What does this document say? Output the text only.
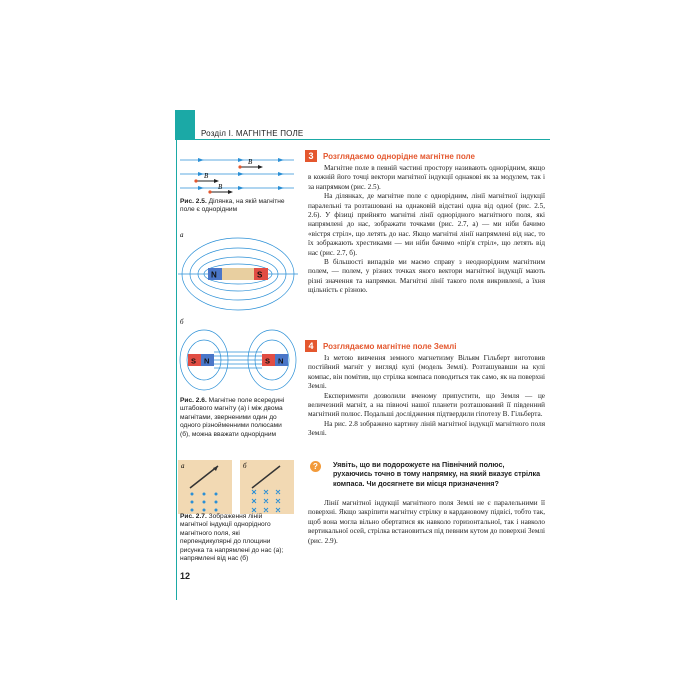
Розділ І. МАГНІТНЕ ПОЛЕ
B
B
B
Рис. 2.5. Ділянка, на якій магнітне поле є однорідним
а
N	S
б
S N	S N
Рис. 2.6. Магнітне поле всередині штабового магніту (а) і між двома магнітами, зверненими один до одного різнойменними полюсами (б), можна вважати однорідним
а	б
Рис. 2.7. Зображення ліній магнітної індукції однорідного магнітного поля, які перпендикулярні до площини рисунка та напрямлені до нас (а); напрямлені від нас (б)
12
3	Розглядаємо однорідне магнітне поле

Магнітне поле в певній частині простору називають однорідним, якщо в кожній його точці вектори магнітної індукції однакові як за модулем, так і за напрямком (рис. 2.5).

На ділянках, де магнітне поле є однорідним, лінії магнітної індукції паралельні та розташовані на однаковій відстані одна від одної (рис. 2.5, 2.6). У фізиці прийнято магнітні лінії однорідного магнітного поля, які напрямлені до нас, зображати точками (рис. 2.7, а) — ми ніби бачимо «вістря стріл», що летять до нас. Якщо магнітні лінії напрямлені від нас, то їх зображають хрестиками — ми ніби бачимо «пір'я стріл», що летять від нас (рис. 2.7, б).

В більшості випадків ми маємо справу з неоднорідним магнітним полем, — полем, у різних точках якого вектори магнітної індукції мають різні значення та напрямки. Магнітні лінії такого поля викривлені, а їхня щільність є різною.

4	Розглядаємо магнітне поле Землі

Із метою вивчення земного магнетизму Вільям Гільберт виготовив постійний магніт у вигляді кулі (модель Землі). Розташувавши на кулі компас, він помітив, що стрілка компаса поводиться так само, як на поверхні Землі.

Експерименти дозволили вченому припустити, що Земля — це величезний магніт, а на півночі нашої планети розташований її південний магнітний полюс. Подальші дослідження підтвердили гіпотезу В. Гільберта.

На рис. 2.8 зображено картину ліній магнітної індукції магнітного поля Землі.

?	Уявіть, що ви подорожуєте на Північний полюс, рухаючись точно в тому напрямку, на який вказує стрілка компаса. Чи досягнете ви місця призначення?

Лінії магнітної індукції магнітного поля Землі не є паралельними її поверхні. Якщо закріпити магнітну стрілку в кардановому підвісі, тобто так, щоб вона могла вільно обертатися як навколо горизонтальної, так і навколо вертикальної осей, стрілка встановиться під певним кутом до поверхні Землі (рис. 2.9).
